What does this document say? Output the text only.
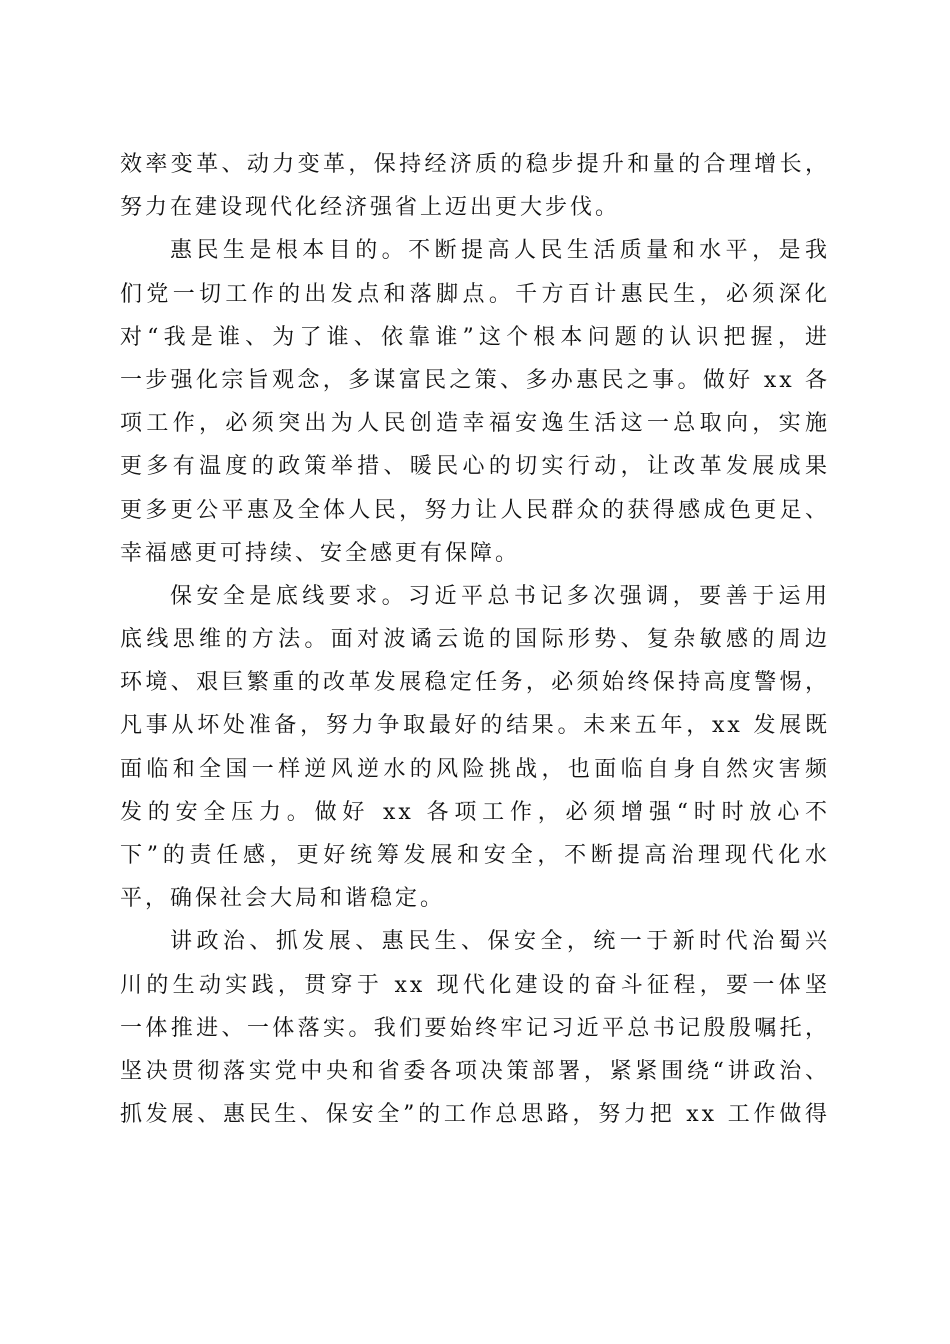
效率变革、动力变革，保持经济质的稳步提升和量的合理增长，
努力在建设现代化经济强省上迈出更大步伐。
惠民生是根本目的。不断提高人民生活质量和水平，是我
们党一切工作的出发点和落脚点。千方百计惠民生，必须深化
对“我是谁、为了谁、依靠谁”这个根本问题的认识把握，进
一步强化宗旨观念，多谋富民之策、多办惠民之事。做好 xx 各
项工作，必须突出为人民创造幸福安逸生活这一总取向，实施
更多有温度的政策举措、暖民心的切实行动，让改革发展成果
更多更公平惠及全体人民，努力让人民群众的获得感成色更足、
幸福感更可持续、安全感更有保障。
保安全是底线要求。习近平总书记多次强调，要善于运用
底线思维的方法。面对波谲云诡的国际形势、复杂敏感的周边
环境、艰巨繁重的改革发展稳定任务，必须始终保持高度警惕，
凡事从坏处准备，努力争取最好的结果。未来五年，xx 发展既
面临和全国一样逆风逆水的风险挑战，也面临自身自然灾害频
发的安全压力。做好 xx 各项工作，必须增强“时时放心不
下”的责任感，更好统筹发展和安全，不断提高治理现代化水
平，确保社会大局和谐稳定。
讲政治、抓发展、惠民生、保安全，统一于新时代治蜀兴
川的生动实践，贯穿于 xx 现代化建设的奋斗征程，要一体坚
一体推进、一体落实。我们要始终牢记习近平总书记殷殷嘱托，
坚决贯彻落实党中央和省委各项决策部署，紧紧围绕“讲政治、
抓发展、惠民生、保安全”的工作总思路，努力把 xx 工作做得
